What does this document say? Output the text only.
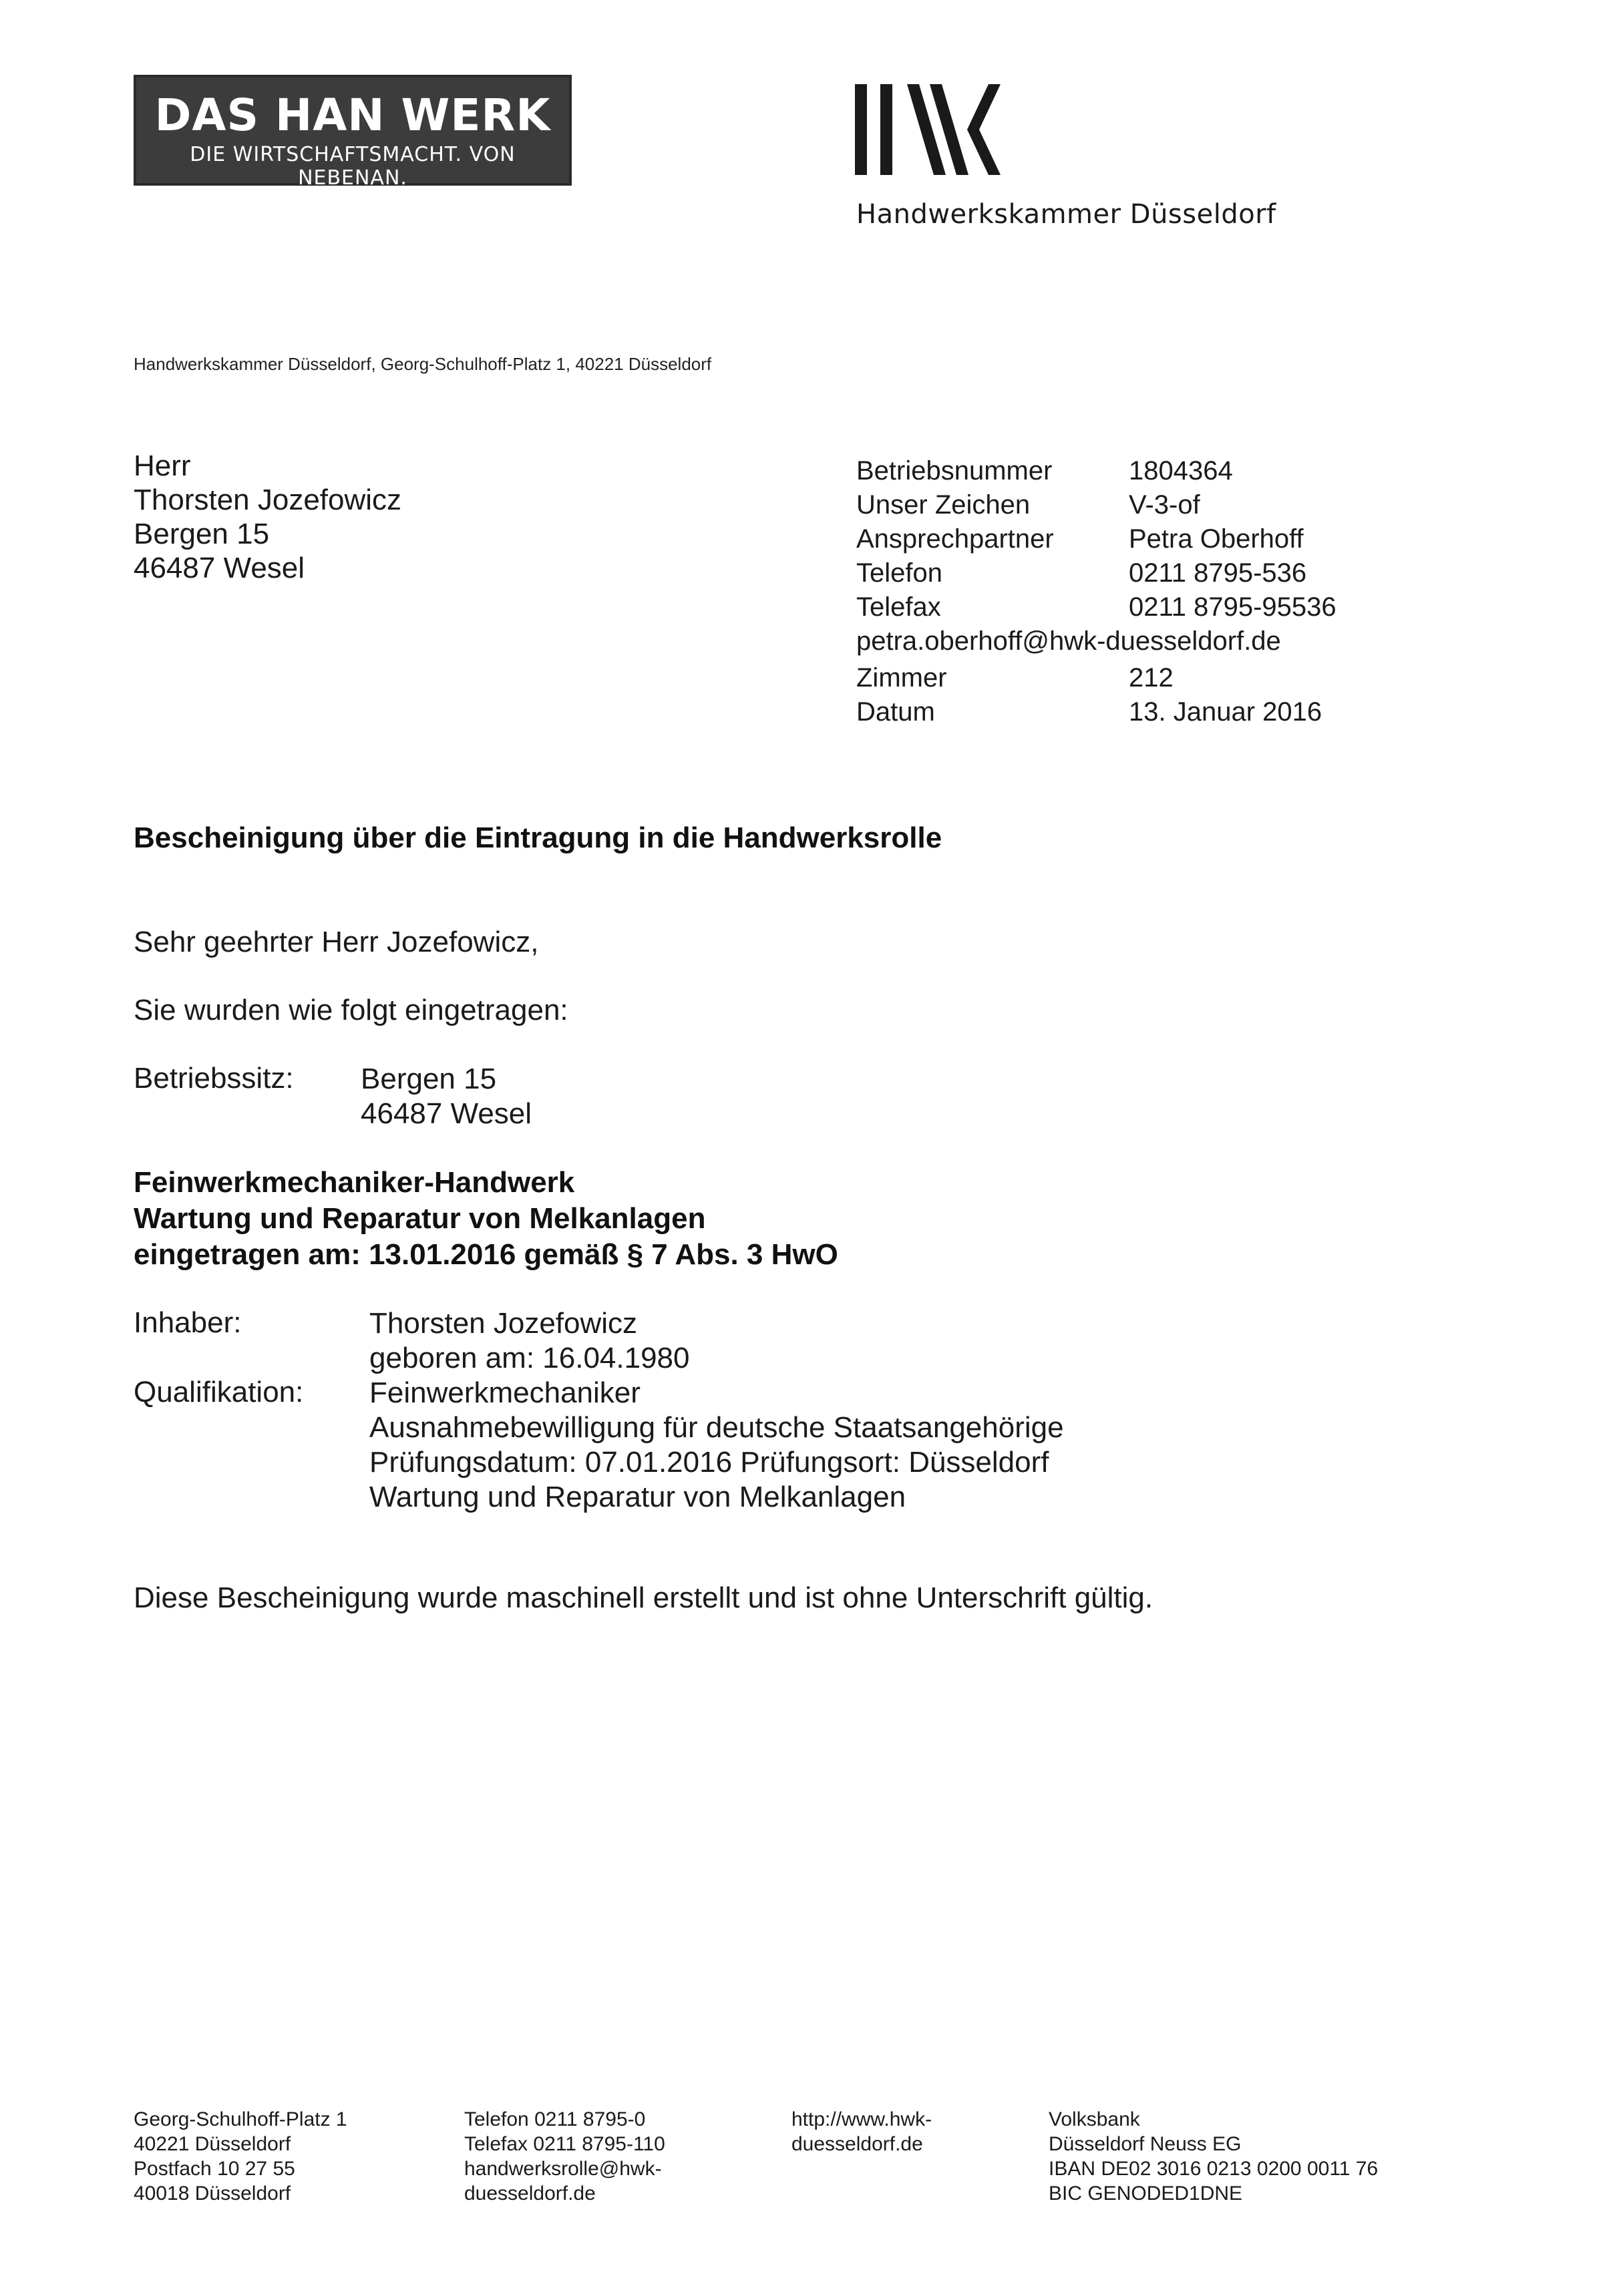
DAS HAN WERK
DIE WIRTSCHAFTSMACHT. VON NEBENAN.
Handwerkskammer Düsseldorf
Handwerkskammer Düsseldorf, Georg-Schulhoff-Platz 1, 40221 Düsseldorf
Herr
Thorsten Jozefowicz
Bergen 15
46487 Wesel
Betriebsnummer	1804364
Unser Zeichen	V-3-of
Ansprechpartner	Petra Oberhoff
Telefon	0211 8795-536
Telefax	0211 8795-95536
petra.oberhoff@hwk-duesseldorf.de
Zimmer	212
Datum	13. Januar 2016
Bescheinigung über die Eintragung in die Handwerksrolle
Sehr geehrter Herr Jozefowicz,
Sie wurden wie folgt eingetragen:
Betriebssitz: Bergen 15
46487 Wesel
Feinwerkmechaniker-Handwerk
Wartung und Reparatur von Melkanlagen
eingetragen am: 13.01.2016 gemäß § 7 Abs. 3 HwO
Inhaber:	Thorsten Jozefowicz
geboren am: 16.04.1980
Qualifikation: Feinwerkmechaniker
Ausnahmebewilligung für deutsche Staatsangehörige
Prüfungsdatum: 07.01.2016 Prüfungsort: Düsseldorf
Wartung und Reparatur von Melkanlagen
Diese Bescheinigung wurde maschinell erstellt und ist ohne Unterschrift gültig.
Georg-Schulhoff-Platz 1
40221 Düsseldorf
Postfach 10 27 55
40018 Düsseldorf
Telefon 0211 8795-0
Telefax 0211 8795-110
handwerksrolle@hwk-
duesseldorf.de
http://www.hwk-
duesseldorf.de
Volksbank
Düsseldorf Neuss EG
IBAN DE02 3016 0213 0200 0011 76
BIC GENODED1DNE
